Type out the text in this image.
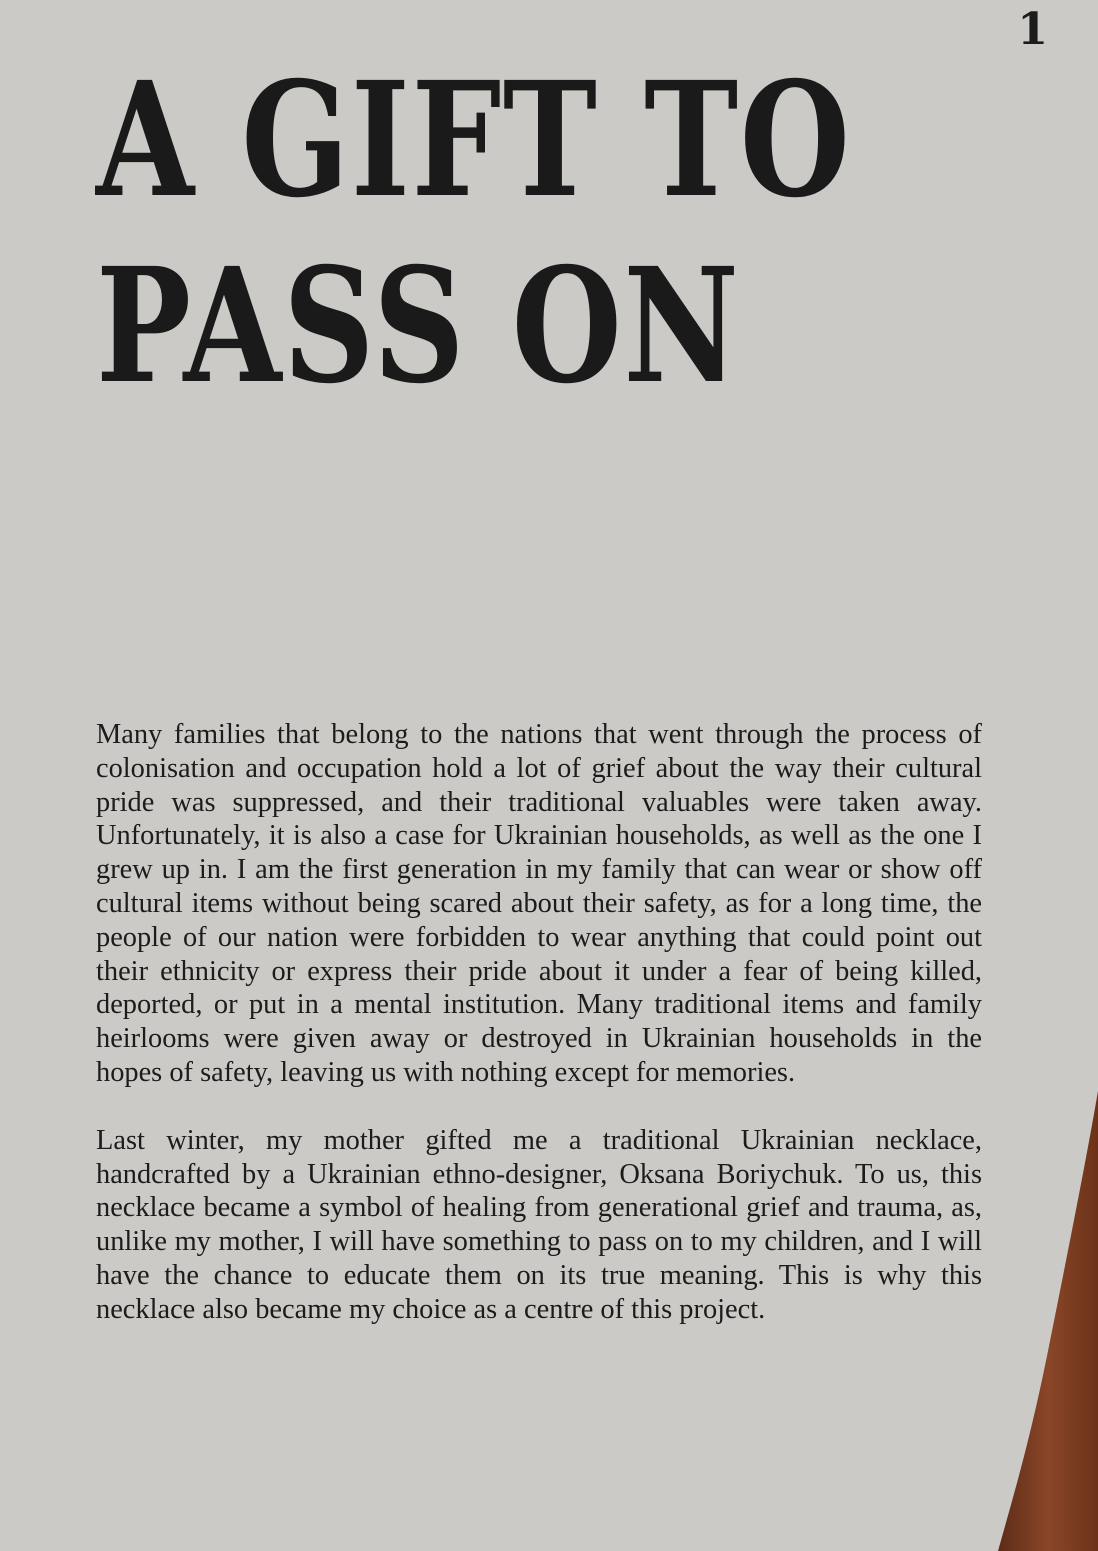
1
A GIFT TO
PASS ON

Many families that belong to the nations that went through the process of colonisation and occupation hold a lot of grief about the way their cultural pride was suppressed, and their traditional valuables were taken away. Unfortunately, it is also a case for Ukrainian households, as well as the one I grew up in. I am the first generation in my family that can wear or show off cultural items without being scared about their safety, as for a long time, the people of our nation were forbidden to wear anything that could point out their ethnicity or express their pride about it under a fear of being killed, deported, or put in a mental institution. Many traditional items and family heirlooms were given away or destroyed in Ukrainian households in the hopes of safety, leaving us with nothing except for memories.

Last winter, my mother gifted me a traditional Ukrainian necklace, handcrafted by a Ukrainian ethno-designer, Oksana Boriychuk. To us, this necklace became a symbol of healing from generational grief and trauma, as, unlike my mother, I will have something to pass on to my children, and I will have the chance to educate them on its true meaning. This is why this necklace also became my choice as a centre of this project.
